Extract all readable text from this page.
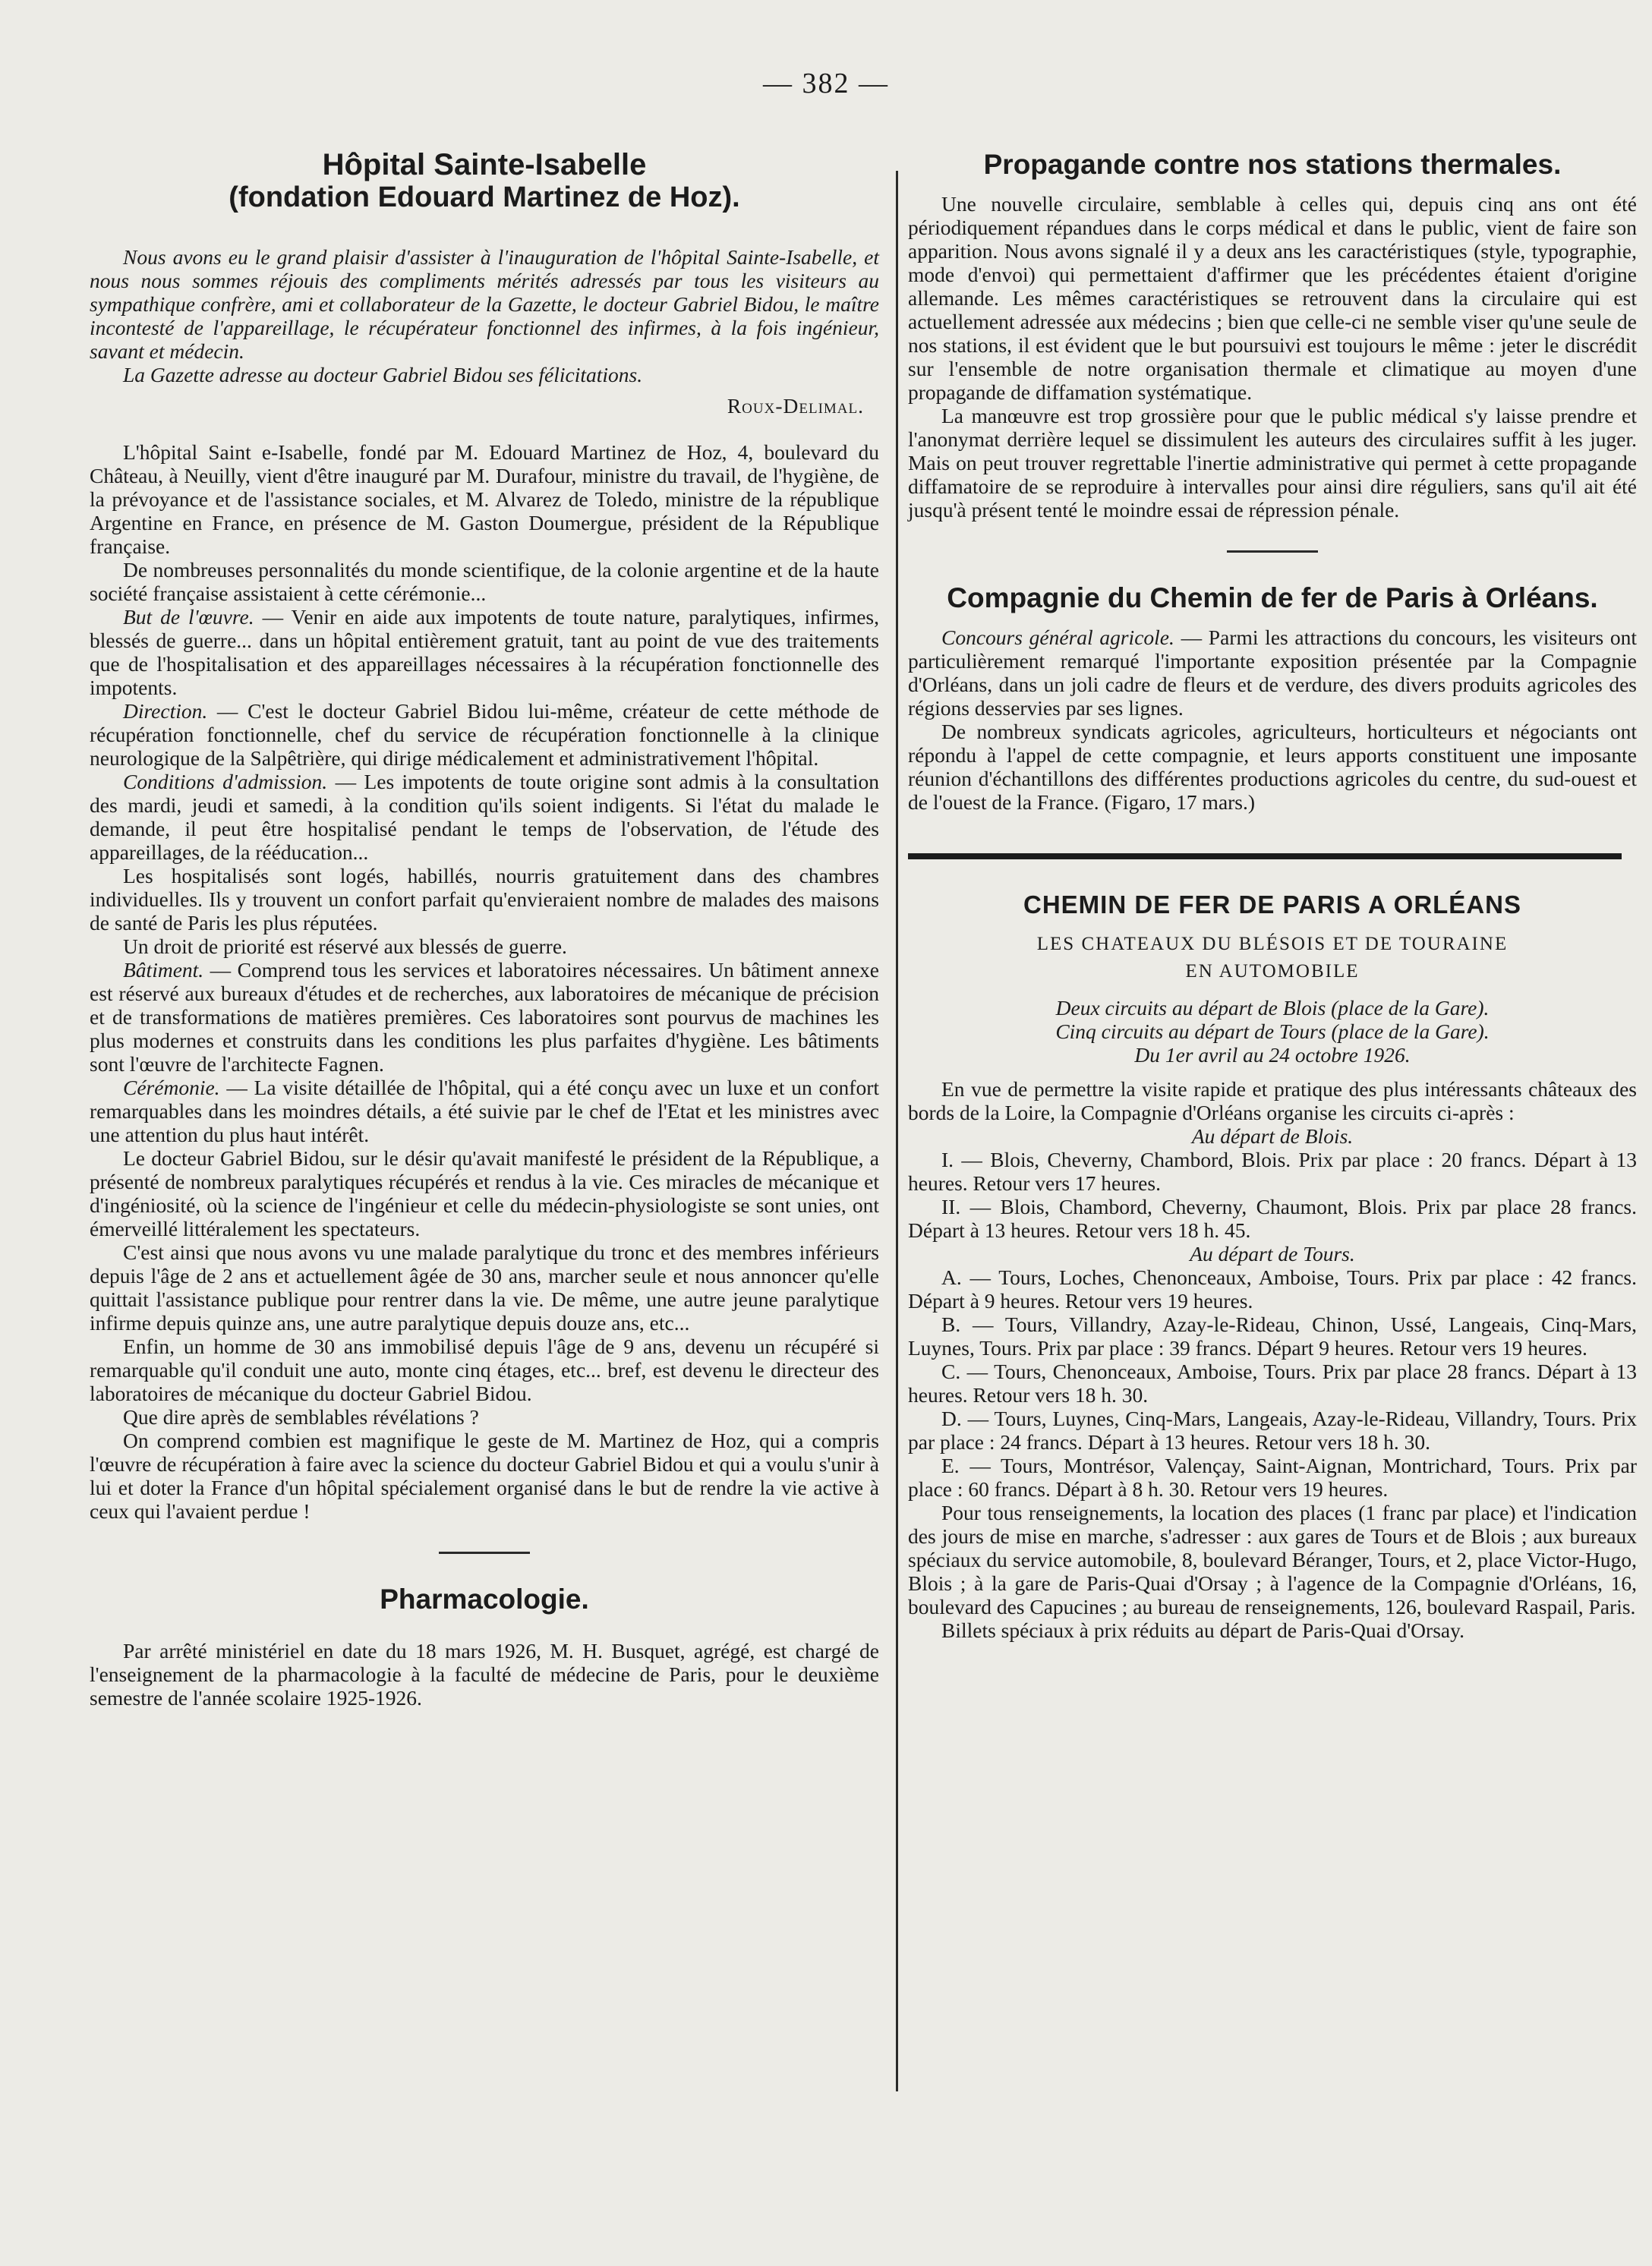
— 382 —
Hôpital Sainte-Isabelle
(fondation Edouard Martinez de Hoz).

Nous avons eu le grand plaisir d'assister à l'inauguration de l'hôpital Sainte-Isabelle, et nous nous sommes réjouis des compliments mérités adressés par tous les visiteurs au sympathique confrère, ami et collaborateur de la Gazette, le docteur Gabriel Bidou, le maître incontesté de l'appareillage, le récupérateur fonctionnel des infirmes, à la fois ingénieur, savant et médecin.

La Gazette adresse au docteur Gabriel Bidou ses félicitations.

Roux-Delimal.

L'hôpital Saint e-Isabelle, fondé par M. Edouard Martinez de Hoz, 4, boulevard du Château, à Neuilly, vient d'être inauguré par M. Durafour, ministre du travail, de l'hygiène, de la prévoyance et de l'assistance sociales, et M. Alvarez de Toledo, ministre de la république Argentine en France, en présence de M. Gaston Doumergue, président de la République française.

De nombreuses personnalités du monde scientifique, de la colonie argentine et de la haute société française assistaient à cette cérémonie...

But de l'œuvre. — Venir en aide aux impotents de toute nature, paralytiques, infirmes, blessés de guerre... dans un hôpital entièrement gratuit, tant au point de vue des traitements que de l'hospitalisation et des appareillages nécessaires à la récupération fonctionnelle des impotents.

Direction. — C'est le docteur Gabriel Bidou lui-même, créateur de cette méthode de récupération fonctionnelle, chef du service de récupération fonctionnelle à la clinique neurologique de la Salpêtrière, qui dirige médicalement et administrativement l'hôpital.

Conditions d'admission. — Les impotents de toute origine sont admis à la consultation des mardi, jeudi et samedi, à la condition qu'ils soient indigents. Si l'état du malade le demande, il peut être hospitalisé pendant le temps de l'observation, de l'étude des appareillages, de la rééducation...

Les hospitalisés sont logés, habillés, nourris gratuitement dans des chambres individuelles. Ils y trouvent un confort parfait qu'envieraient nombre de malades des maisons de santé de Paris les plus réputées.

Un droit de priorité est réservé aux blessés de guerre.

Bâtiment. — Comprend tous les services et laboratoires nécessaires. Un bâtiment annexe est réservé aux bureaux d'études et de recherches, aux laboratoires de mécanique de précision et de transformations de matières premières. Ces laboratoires sont pourvus de machines les plus modernes et construits dans les conditions les plus parfaites d'hygiène. Les bâtiments sont l'œuvre de l'architecte Fagnen.

Cérémonie. — La visite détaillée de l'hôpital, qui a été conçu avec un luxe et un confort remarquables dans les moindres détails, a été suivie par le chef de l'Etat et les ministres avec une attention du plus haut intérêt.

Le docteur Gabriel Bidou, sur le désir qu'avait manifesté le président de la République, a présenté de nombreux paralytiques récupérés et rendus à la vie. Ces miracles de mécanique et d'ingéniosité, où la science de l'ingénieur et celle du médecin-physiologiste se sont unies, ont émerveillé littéralement les spectateurs.

C'est ainsi que nous avons vu une malade paralytique du tronc et des membres inférieurs depuis l'âge de 2 ans et actuellement âgée de 30 ans, marcher seule et nous annoncer qu'elle quittait l'assistance publique pour rentrer dans la vie. De même, une autre jeune paralytique infirme depuis quinze ans, une autre paralytique depuis douze ans, etc...

Enfin, un homme de 30 ans immobilisé depuis l'âge de 9 ans, devenu un récupéré si remarquable qu'il conduit une auto, monte cinq étages, etc... bref, est devenu le directeur des laboratoires de mécanique du docteur Gabriel Bidou.

Que dire après de semblables révélations ?

On comprend combien est magnifique le geste de M. Martinez de Hoz, qui a compris l'œuvre de récupération à faire avec la science du docteur Gabriel Bidou et qui a voulu s'unir à lui et doter la France d'un hôpital spécialement organisé dans le but de rendre la vie active à ceux qui l'avaient perdue !

Pharmacologie.

Par arrêté ministériel en date du 18 mars 1926, M. H. Busquet, agrégé, est chargé de l'enseignement de la pharmacologie à la faculté de médecine de Paris, pour le deuxième semestre de l'année scolaire 1925-1926.

Propagande contre nos stations thermales.

Une nouvelle circulaire, semblable à celles qui, depuis cinq ans ont été périodiquement répandues dans le corps médical et dans le public, vient de faire son apparition. Nous avons signalé il y a deux ans les caractéristiques (style, typographie, mode d'envoi) qui permettaient d'affirmer que les précédentes étaient d'origine allemande. Les mêmes caractéristiques se retrouvent dans la circulaire qui est actuellement adressée aux médecins ; bien que celle-ci ne semble viser qu'une seule de nos stations, il est évident que le but poursuivi est toujours le même : jeter le discrédit sur l'ensemble de notre organisation thermale et climatique au moyen d'une propagande de diffamation systématique.

La manœuvre est trop grossière pour que le public médical s'y laisse prendre et l'anonymat derrière lequel se dissimulent les auteurs des circulaires suffit à les juger. Mais on peut trouver regrettable l'inertie administrative qui permet à cette propagande diffamatoire de se reproduire à intervalles pour ainsi dire réguliers, sans qu'il ait été jusqu'à présent tenté le moindre essai de répression pénale.

Compagnie du Chemin de fer de Paris à Orléans.

Concours général agricole. — Parmi les attractions du concours, les visiteurs ont particulièrement remarqué l'importante exposition présentée par la Compagnie d'Orléans, dans un joli cadre de fleurs et de verdure, des divers produits agricoles des régions desservies par ses lignes.

De nombreux syndicats agricoles, agriculteurs, horticulteurs et négociants ont répondu à l'appel de cette compagnie, et leurs apports constituent une imposante réunion d'échantillons des différentes productions agricoles du centre, du sud-ouest et de l'ouest de la France. (Figaro, 17 mars.)

CHEMIN DE FER DE PARIS A ORLÉANS
LES CHATEAUX DU BLÉSOIS ET DE TOURAINE
EN AUTOMOBILE
Deux circuits au départ de Blois (place de la Gare).
Cinq circuits au départ de Tours (place de la Gare).
Du 1er avril au 24 octobre 1926.

En vue de permettre la visite rapide et pratique des plus intéressants châteaux des bords de la Loire, la Compagnie d'Orléans organise les circuits ci-après :

Au départ de Blois.

I. — Blois, Cheverny, Chambord, Blois. Prix par place : 20 francs. Départ à 13 heures. Retour vers 17 heures.

II. — Blois, Chambord, Cheverny, Chaumont, Blois. Prix par place 28 francs. Départ à 13 heures. Retour vers 18 h. 45.

Au départ de Tours.

A. — Tours, Loches, Chenonceaux, Amboise, Tours. Prix par place : 42 francs. Départ à 9 heures. Retour vers 19 heures.

B. — Tours, Villandry, Azay-le-Rideau, Chinon, Ussé, Langeais, Cinq-Mars, Luynes, Tours. Prix par place : 39 francs. Départ 9 heures. Retour vers 19 heures.

C. — Tours, Chenonceaux, Amboise, Tours. Prix par place 28 francs. Départ à 13 heures. Retour vers 18 h. 30.

D. — Tours, Luynes, Cinq-Mars, Langeais, Azay-le-Rideau, Villandry, Tours. Prix par place : 24 francs. Départ à 13 heures. Retour vers 18 h. 30.

E. — Tours, Montrésor, Valençay, Saint-Aignan, Montrichard, Tours. Prix par place : 60 francs. Départ à 8 h. 30. Retour vers 19 heures.

Pour tous renseignements, la location des places (1 franc par place) et l'indication des jours de mise en marche, s'adresser : aux gares de Tours et de Blois ; aux bureaux spéciaux du service automobile, 8, boulevard Béranger, Tours, et 2, place Victor-Hugo, Blois ; à la gare de Paris-Quai d'Orsay ; à l'agence de la Compagnie d'Orléans, 16, boulevard des Capucines ; au bureau de renseignements, 126, boulevard Raspail, Paris.

Billets spéciaux à prix réduits au départ de Paris-Quai d'Orsay.
